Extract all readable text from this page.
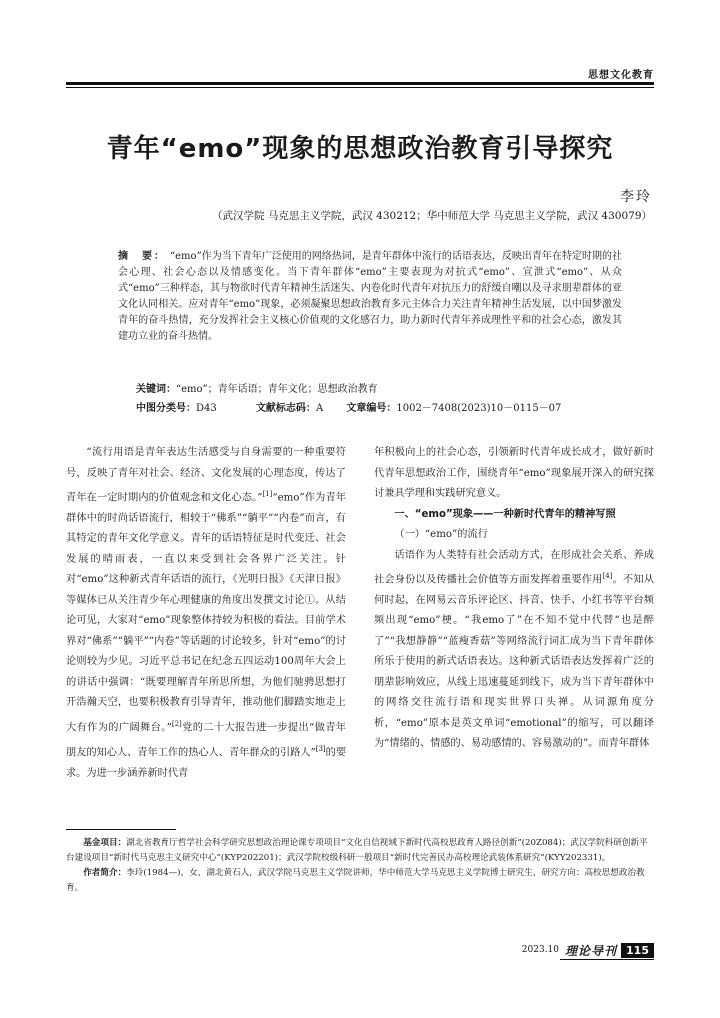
思想文化教育
青年“emo”现象的思想政治教育引导探究
李玲
（武汉学院 马克思主义学院，武汉 430212；华中师范大学 马克思主义学院，武汉 430079）
摘　要： “emo”作为当下青年广泛使用的网络热词，是青年群体中流行的话语表达，反映出青年在特定时期的社会心理、社会心态以及情感变化。当下青年群体“emo”主要表现为对抗式“emo”、宣泄式“emo”、从众式“emo”三种样态，其与物欲时代青年精神生活迷失、内卷化时代青年对抗压力的舒缓自嘲以及寻求朋辈群体的亚文化认同相关。应对青年“emo”现象，必须凝聚思想政治教育多元主体合力关注青年精神生活发展，以中国梦激发青年的奋斗热情，充分发挥社会主义核心价值观的文化感召力，助力新时代青年养成理性平和的社会心态，激发其建功立业的奋斗热情。
关键词：“emo”；青年话语；青年文化；思想政治教育
中图分类号：D43	文献标志码：A 文章编号：1002－7408(2023)10－0115－07

“流行用语是青年表达生活感受与自身需要的一种重要符号，反映了青年对社会、经济、文化发展的心理态度，传达了青年在一定时期内的价值观念和文化心态。”[1]“emo”作为青年群体中的时尚话语流行，相较于“佛系”“躺平”“内卷”而言，有其特定的青年文化学意义。青年的话语特征是时代变迁、社会发展的晴雨表，一直以来受到社会各界广泛关注。针对“emo”这种新式青年话语的流行，《光明日报》《天津日报》等媒体已从关注青少年心理健康的角度出发撰文讨论①。从结论可见，大家对“emo”现象整体持较为积极的看法。目前学术界对“佛系”“躺平”“内卷”等话题的讨论较多，针对“emo”的讨论则较为少见。习近平总书记在纪念五四运动100周年大会上的讲话中强调：“既要理解青年所思所想，为他们驰骋思想打开浩瀚天空，也要积极教育引导青年，推动他们脚踏实地走上大有作为的广阔舞台。”[2]党的二十大报告进一步提出“做青年朋友的知心人、青年工作的热心人、青年群众的引路人”[3]的要求。为进一步涵养新时代青

年积极向上的社会心态，引领新时代青年成长成才，做好新时代青年思想政治工作，围绕青年“emo”现象展开深入的研究探讨兼具学理和实践研究意义。

一、“emo”现象——一种新时代青年的精神写照

（一）“emo”的流行

话语作为人类特有社会活动方式，在形成社会关系、养成社会身份以及传播社会价值等方面发挥着重要作用[4]。不知从何时起，在网易云音乐评论区、抖音、快手、小红书等平台频频出现“emo”梗。“我emo了”在不知不觉中代替“也是醉了”“我想静静”“蓝瘦香菇”等网络流行词汇成为当下青年群体所乐于使用的新式话语表达。这种新式话语表达发挥着广泛的朋辈影响效应，从线上迅速蔓延到线下，成为当下青年群体中的网络交往流行语和现实世界口头禅。从词源角度分析，“emo”原本是英文单词“emotional”的缩写，可以翻译为“情绪的、情感的、易动感情的、容易激动的”。而青年群体

基金项目：湖北省教育厅哲学社会科学研究思想政治理论课专项项目“文化自信视域下新时代高校思政育人路径创新”(20Z084)；武汉学院科研创新平台建设项目“新时代马克思主义研究中心”(KYP202201)；武汉学院校级科研一般项目“新时代完善民办高校理论武装体系研究”(KYY202331)。

作者简介：李玲(1984—)，女，湖北黄石人，武汉学院马克思主义学院讲师，华中师范大学马克思主义学院博士研究生，研究方向：高校思想政治教育。

2023.10 理论导刊 115
